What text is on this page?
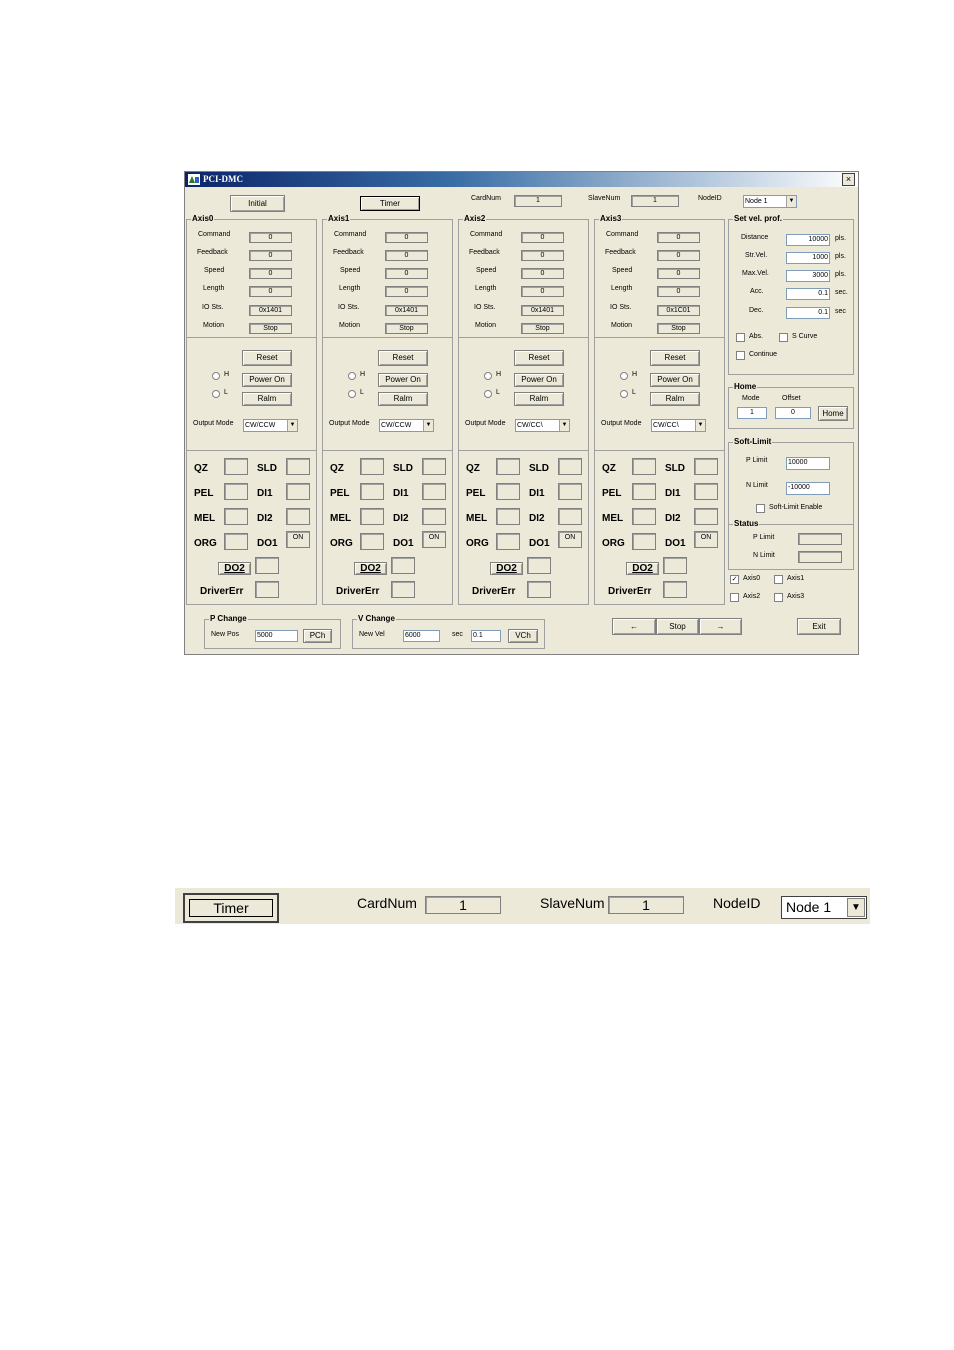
PCI-DMC	×
Initial	Timer
CardNum	1	SlaveNum	1	NodeID	Node 1	▼
Axis0
Command	0
Feedback	0
Speed	0
Length	0
IO Sts.	0x1401
Motion	Stop
Reset
Power On
Ralm
H
L
Output Mode CW/CCW	▼
QZ	SLD
PEL	DI1
MEL	DI2
ORG	DO1
ON
DO2
DriverErr
Axis1
Command	0
Feedback	0
Speed	0
Length	0
IO Sts.	0x1401
Motion	Stop
Reset
Power On
Ralm
H
L
Output Mode CW/CCW	▼
QZ	SLD
PEL	DI1
MEL	DI2
ORG	DO1
ON
DO2
DriverErr
Axis2
Command	0
Feedback	0
Speed	0
Length	0
IO Sts.	0x1401
Motion	Stop
Reset
Power On
Ralm
H
L
Output Mode CW/CC\	▼
QZ	SLD
PEL	DI1
MEL	DI2
ORG	DO1
ON
DO2
DriverErr
Axis3
Command	0
Feedback	0
Speed	0
Length	0
IO Sts.	0x1C01
Motion	Stop
Reset
Power On
Ralm
H
L
Output Mode CW/CC\	▼
QZ	SLD
PEL	DI1
MEL	DI2
ORG	DO1
ON
DO2
DriverErr
Set vel. prof.
Distance	10000 pls.
Str.Vel.	1000 pls.
Max.Vel.	3000 pls.
Acc.	0.1 sec.
Dec.	0.1 sec
Abs.	S Curve
Continue
Home
Mode	Offset
1	0	Home
Soft-Limit
P Limit	10000
N Limit	-10000
Soft-Limit Enable
Status
P Limit
N Limit
✓ Axis0	Axis1
Axis2	Axis3
P Change
New Pos	5000	PCh
V Change
New Vel	6000	sec 0.1	VCh
←	Stop	→	Exit
Timer	CardNum	1	SlaveNum	1	NodeID	Node 1	▼
